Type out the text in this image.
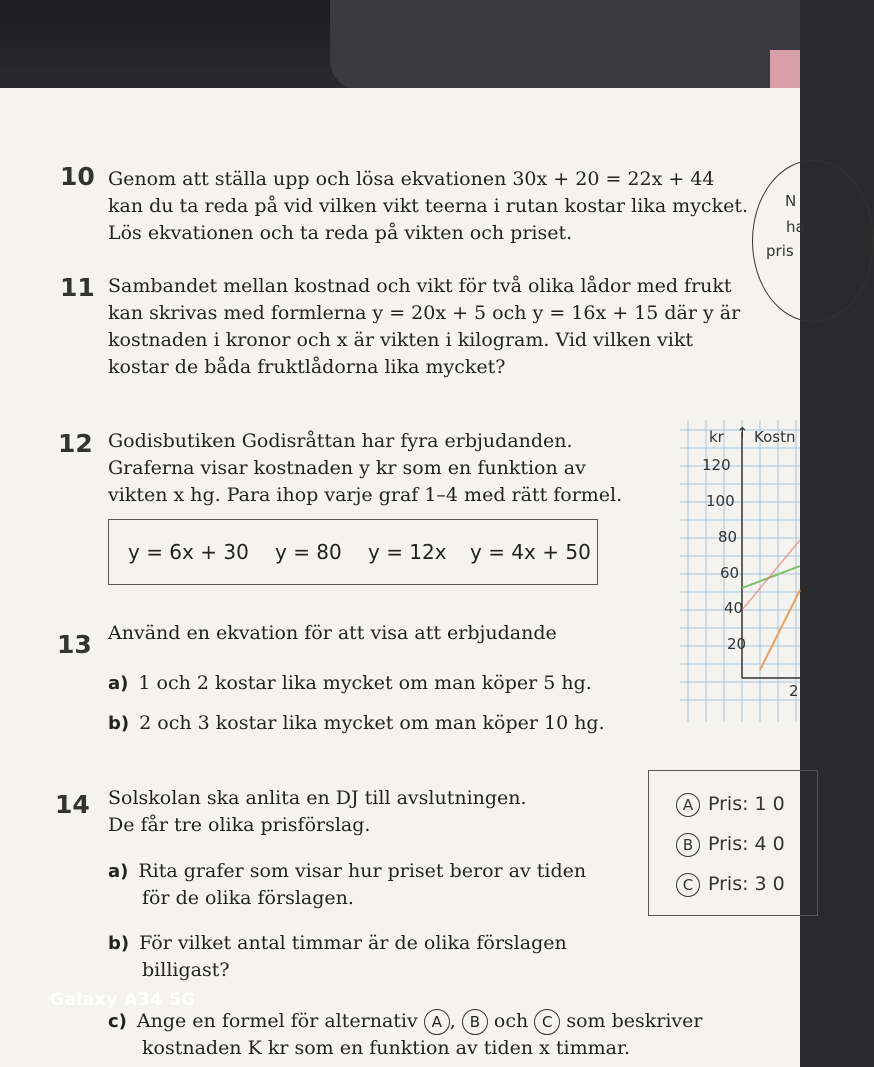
10 Genom att ställa upp och lösa ekvationen 30x + 20 = 22x + 44
kan du ta reda på vid vilken vikt teerna i rutan kostar lika mycket.
Lös ekvationen och ta reda på vikten och priset.
N
ha
pris
11 Sambandet mellan kostnad och vikt för två olika lådor med frukt
kan skrivas med formlerna y = 20x + 5 och y = 16x + 15 där y är
kostnaden i kronor och x är vikten i kilogram. Vid vilken vikt
kostar de båda fruktlådorna lika mycket?
12 Godisbutiken Godisråttan har fyra erbjudanden.
Graferna visar kostnaden y kr som en funktion av
vikten x hg. Para ihop varje graf 1–4 med rätt formel.
y = 6x + 30 y = 80 y = 12x y = 4x + 50
kr ↑ Kostn
120
100
80
60
40
20
2
13 Använd en ekvation för att visa att erbjudande
a) 1 och 2 kostar lika mycket om man köper 5 hg.
b) 2 och 3 kostar lika mycket om man köper 10 hg.
14 Solskolan ska anlita en DJ till avslutningen.
De får tre olika prisförslag.
a) Rita grafer som visar hur priset beror av tiden
för de olika förslagen.
b) För vilket antal timmar är de olika förslagen
billigast?
c) Ange en formel för alternativ A , B och C som beskriver
kostnaden K kr som en funktion av tiden x timmar.
A Pris: 1 0
B Pris: 4 0
C Pris: 3 0
Galaxy A34 5G
